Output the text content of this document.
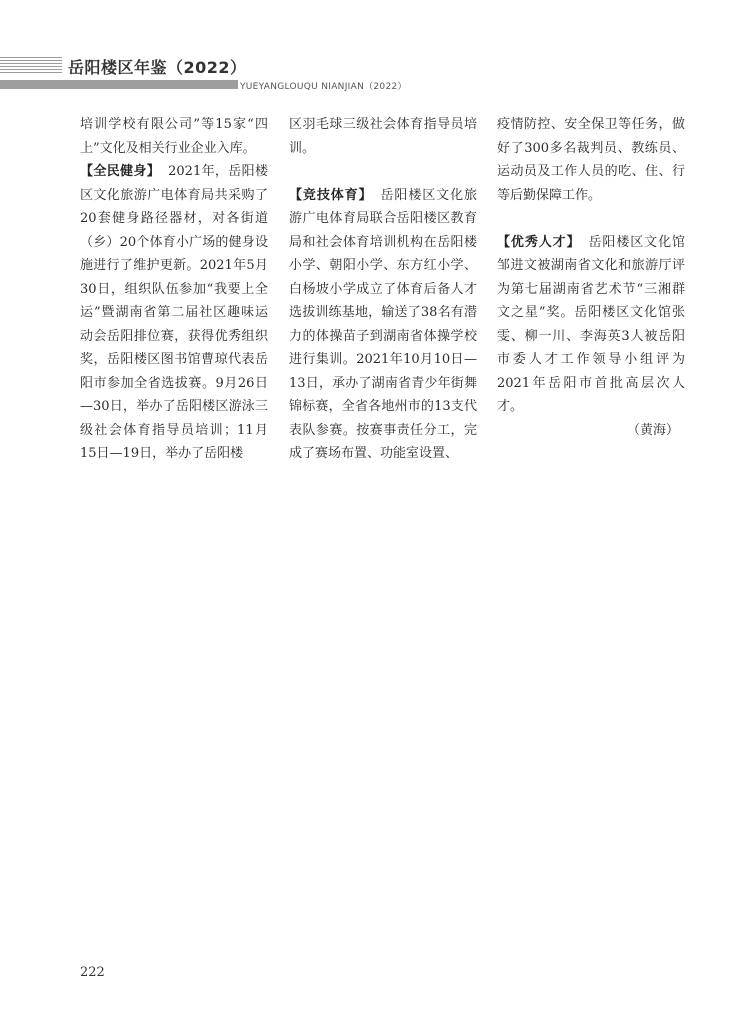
岳阳楼区年鉴（2022）
YUEYANGLOUQU NIANJIAN（2022）

培训学校有限公司”等15家“四上”文化及相关行业企业入库。

【全民健身】 2021年，岳阳楼区文化旅游广电体育局共采购了20套健身路径器材，对各街道（乡）20个体育小广场的健身设施进行了维护更新。2021年5月30日，组织队伍参加“我要上全运”暨湖南省第二届社区趣味运动会岳阳排位赛，获得优秀组织奖，岳阳楼区图书馆曹琼代表岳阳市参加全省选拔赛。9月26日—30日，举办了岳阳楼区游泳三级社会体育指导员培训；11月15日—19日，举办了岳阳楼

区羽毛球三级社会体育指导员培训。

【竞技体育】 岳阳楼区文化旅游广电体育局联合岳阳楼区教育局和社会体育培训机构在岳阳楼小学、朝阳小学、东方红小学、白杨坡小学成立了体育后备人才选拔训练基地，输送了38名有潜力的体操苗子到湖南省体操学校进行集训。2021年10月10日—13日，承办了湖南省青少年街舞锦标赛，全省各地州市的13支代表队参赛。按赛事责任分工，完成了赛场布置、功能室设置、

疫情防控、安全保卫等任务，做好了300多名裁判员、教练员、运动员及工作人员的吃、住、行等后勤保障工作。

【优秀人才】 岳阳楼区文化馆邹进文被湖南省文化和旅游厅评为第七届湖南省艺术节“三湘群文之星”奖。岳阳楼区文化馆张雯、柳一川、李海英3人被岳阳市委人才工作领导小组评为2021年岳阳市首批高层次人才。

（黄海）

222
